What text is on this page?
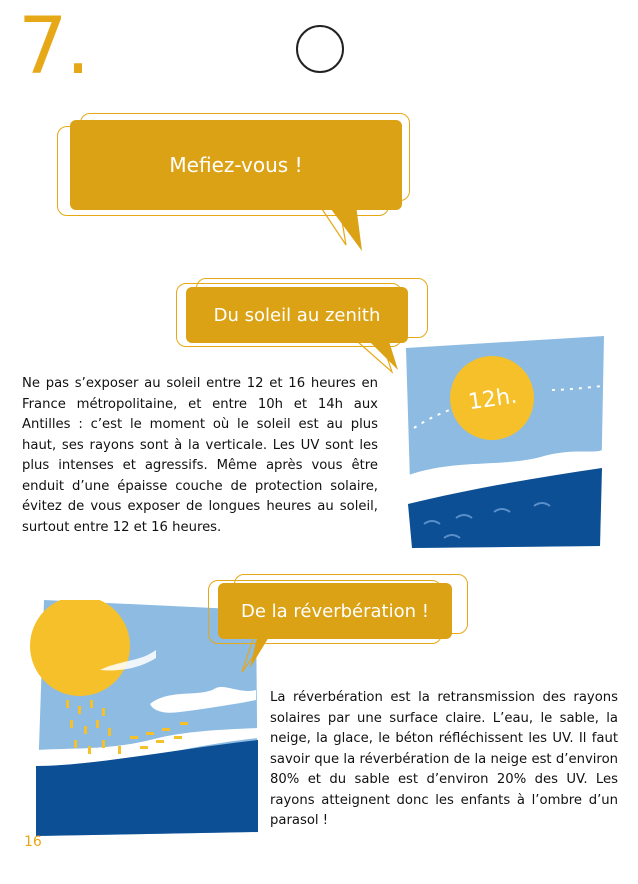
7.
Mefiez-vous !
12h.
Du soleil au zenith

Ne pas s’exposer au soleil entre 12 et 16 heures en France métropolitaine, et entre 10h et 14h aux Antilles : c’est le moment où le soleil est au plus haut, ses rayons sont à la verticale. Les UV sont les plus intenses et agressifs. Même après vous être enduit d’une épaisse couche de protection solaire, évitez de vous exposer de longues heures au soleil, surtout entre 12 et 16 heures.

De la réverbération !

La réverbération est la retransmission des rayons solaires par une surface claire. L’eau, le sable, la neige, la glace, le béton réfléchissent les UV. Il faut savoir que la réverbération de la neige est d’environ 80% et du sable est d’environ 20% des UV. Les rayons atteignent donc les enfants à l’ombre d’un parasol !

16
